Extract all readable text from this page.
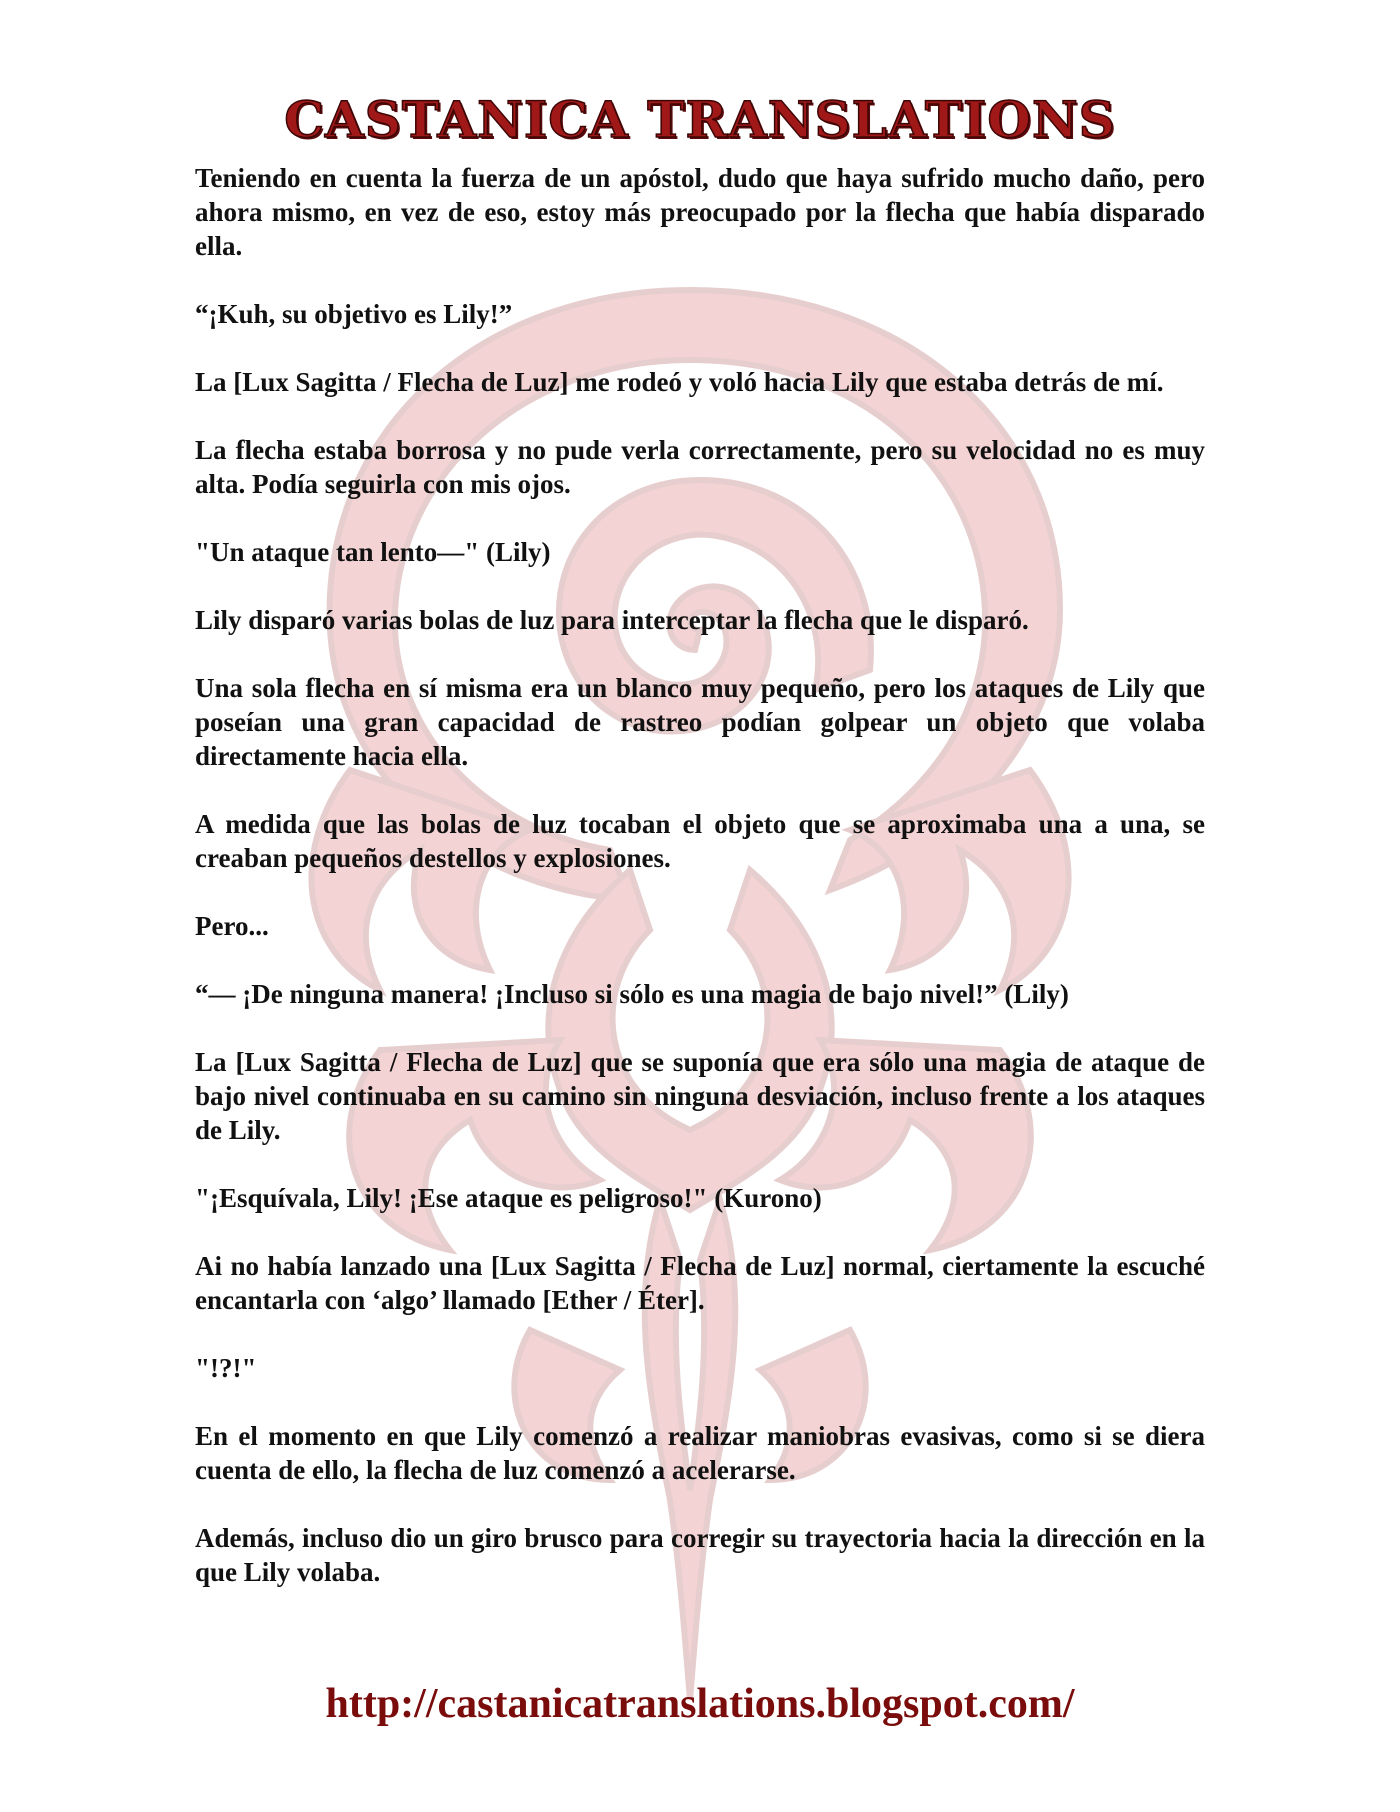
CASTANICA TRANSLATIONS

Teniendo en cuenta la fuerza de un apóstol, dudo que haya sufrido mucho daño, pero ahora mismo, en vez de eso, estoy más preocupado por la flecha que había disparado ella.

“¡Kuh, su objetivo es Lily!”

La [Lux Sagitta / Flecha de Luz] me rodeó y voló hacia Lily que estaba detrás de mí.

La flecha estaba borrosa y no pude verla correctamente, pero su velocidad no es muy alta. Podía seguirla con mis ojos.

"Un ataque tan lento—" (Lily)

Lily disparó varias bolas de luz para interceptar la flecha que le disparó.

Una sola flecha en sí misma era un blanco muy pequeño, pero los ataques de Lily que poseían una gran capacidad de rastreo podían golpear un objeto que volaba directamente hacia ella.

A medida que las bolas de luz tocaban el objeto que se aproximaba una a una, se creaban pequeños destellos y explosiones.

Pero...

“— ¡De ninguna manera! ¡Incluso si sólo es una magia de bajo nivel!” (Lily)

La [Lux Sagitta / Flecha de Luz] que se suponía que era sólo una magia de ataque de bajo nivel continuaba en su camino sin ninguna desviación, incluso frente a los ataques de Lily.

"¡Esquívala, Lily! ¡Ese ataque es peligroso!" (Kurono)

Ai no había lanzado una [Lux Sagitta / Flecha de Luz] normal, ciertamente la escuché encantarla con ‘algo’ llamado [Ether / Éter].

"!?!"

En el momento en que Lily comenzó a realizar maniobras evasivas, como si se diera cuenta de ello, la flecha de luz comenzó a acelerarse.

Además, incluso dio un giro brusco para corregir su trayectoria hacia la dirección en la que Lily volaba.

http://castanicatranslations.blogspot.com/
